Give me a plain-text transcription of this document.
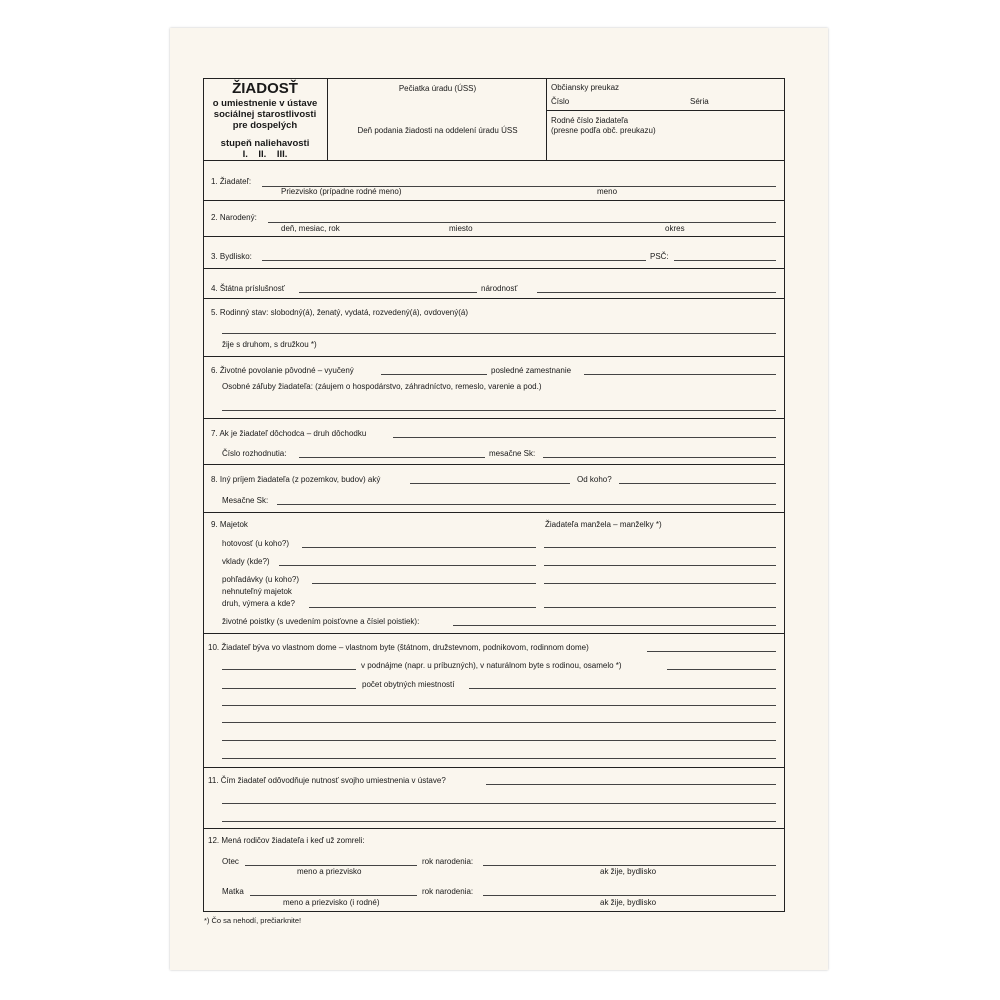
ŽIADOSŤ
o umiestnenie v ústave
sociálnej starostlivosti
pre dospelých
stupeň naliehavosti
I.    II.    III.
Pečiatka úradu (ÚSS)
Deň podania žiadosti na oddelení úradu ÚSS
Občiansky preukaz
Číslo	Séria
Rodné číslo žiadateľa
(presne podľa obč. preukazu)
1. Žiadateľ:
Priezvisko (prípadne rodné meno)	meno
2. Narodený:
deň, mesiac, rok	miesto	okres
3. Bydlisko:	PSČ:
4. Štátna príslušnosť	národnosť
5. Rodinný stav: slobodný(á), ženatý, vydatá, rozvedený(á), ovdovený(á)
žije s druhom, s družkou *)
6. Životné povolanie pôvodné – vyučený	posledné zamestnanie
Osobné záľuby žiadateľa: (záujem o hospodárstvo, záhradníctvo, remeslo, varenie a pod.)
7. Ak je žiadateľ dôchodca – druh dôchodku
Číslo rozhodnutia:	mesačne Sk:
8. Iný príjem žiadateľa (z pozemkov, budov) aký	Od koho?
Mesačne Sk:
9. Majetok	Žiadateľa manžela – manželky *)
hotovosť (u koho?)
vklady (kde?)
pohľadávky (u koho?)
nehnuteľný majetok
druh, výmera a kde?
životné poistky (s uvedením poisťovne a čísiel poistiek):
10. Žiadateľ býva vo vlastnom dome – vlastnom byte (štátnom, družstevnom, podnikovom, rodinnom dome)
v podnájme (napr. u príbuzných), v naturálnom byte s rodinou, osamelo *)
počet obytných miestností
11. Čím žiadateľ odôvodňuje nutnosť svojho umiestnenia v ústave?
12. Mená rodičov žiadateľa i keď už zomreli:
Otec	rok narodenia:
meno a priezvisko	ak žije, bydlisko
Matka	rok narodenia:
meno a priezvisko (i rodné)	ak žije, bydlisko
*) Čo sa nehodí, prečiarknite!
